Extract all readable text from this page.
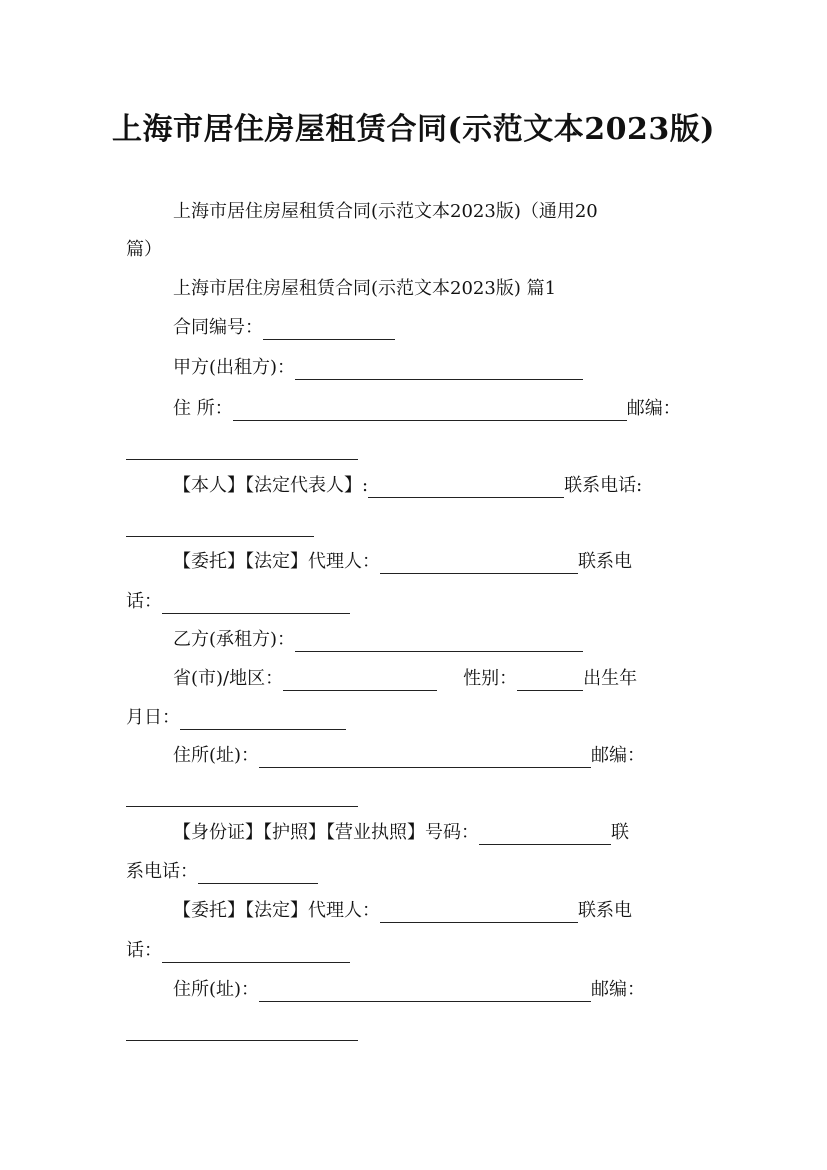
上海市居住房屋租赁合同(示范文本2023版)
上海市居住房屋租赁合同(示范文本2023版)（通用20
篇）
上海市居住房屋租赁合同(示范文本2023版) 篇1
合同编号：
甲方(出租方)：
住 所：	邮编：
【本人】【法定代表人】:	联系电话:
【委托】【法定】代理人：	联系电
话：
乙方(承租方)：
省(市)/地区：	性别：	出生年
月日：
住所(址)：	邮编：
【身份证】【护照】【营业执照】号码：	联
系电话：
【委托】【法定】代理人：	联系电
话：
住所(址)：	邮编：
